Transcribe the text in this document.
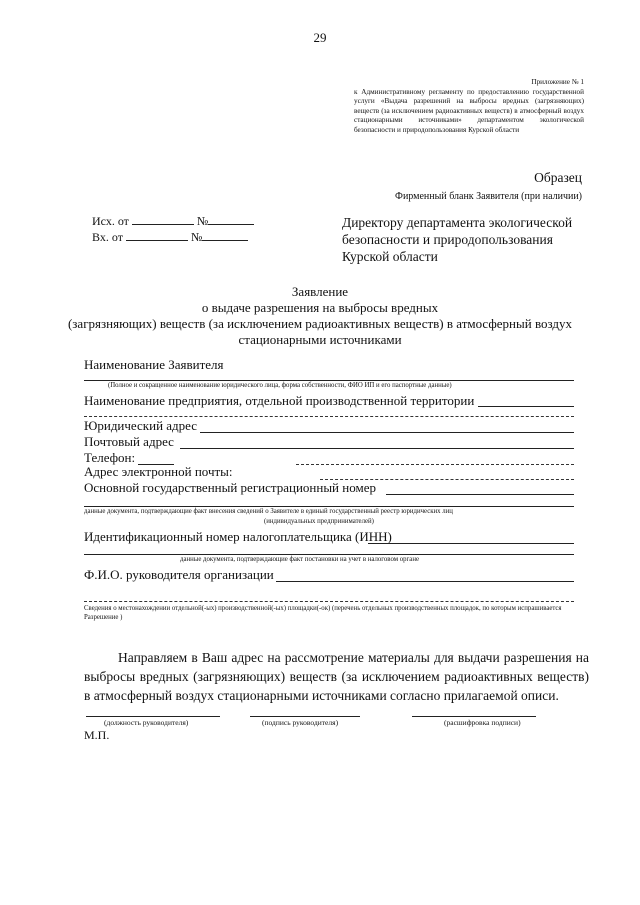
29
Приложение № 1
к Административному регламенту по предоставлению государственной услуги «Выдача разрешений на выбросы вредных (загрязняющих) веществ (за исключением радиоактивных веществ) в атмосферный воздух стационарными источниками» департаментом экологической безопасности и природопользования Курской области
Образец
Фирменный бланк Заявителя (при наличии)
Исх. от	№
Вх. от	№
Директору департамента экологической безопасности и природопользования Курской области
Заявление
о выдаче разрешения на выбросы вредных
(загрязняющих) веществ (за исключением радиоактивных веществ) в атмосферный воздух
стационарными источниками
Наименование Заявителя
(Полное и сокращенное наименование юридического лица, форма собственности, ФИО ИП и его паспортные данные)
Наименование предприятия, отдельной производственной территории
Юридический адрес
Почтовый адрес
Телефон:
Адрес электронной почты:
Основной государственный регистрационный номер
данные документа, подтверждающие факт внесения сведений о Заявителе в единый государственный реестр юридических лиц
(индивидуальных предпринимателей)
Идентификационный номер налогоплательщика (ИНН)
данные документа, подтверждающие факт постановки на учет в налоговом органе
Ф.И.О. руководителя организации
Сведения о местонахождении отдельной(-ых) производственной(-ых) площадки(-ок) (перечень отдельных производственных площадок, по которым испрашивается Разрешение )
Направляем в Ваш адрес на рассмотрение материалы для выдачи разрешения на выбросы вредных (загрязняющих) веществ (за исключением радиоактивных веществ) в атмосферный воздух стационарными источниками согласно прилагаемой описи.
(должность руководителя)	(подпись руководителя)	(расшифровка подписи)
М.П.
